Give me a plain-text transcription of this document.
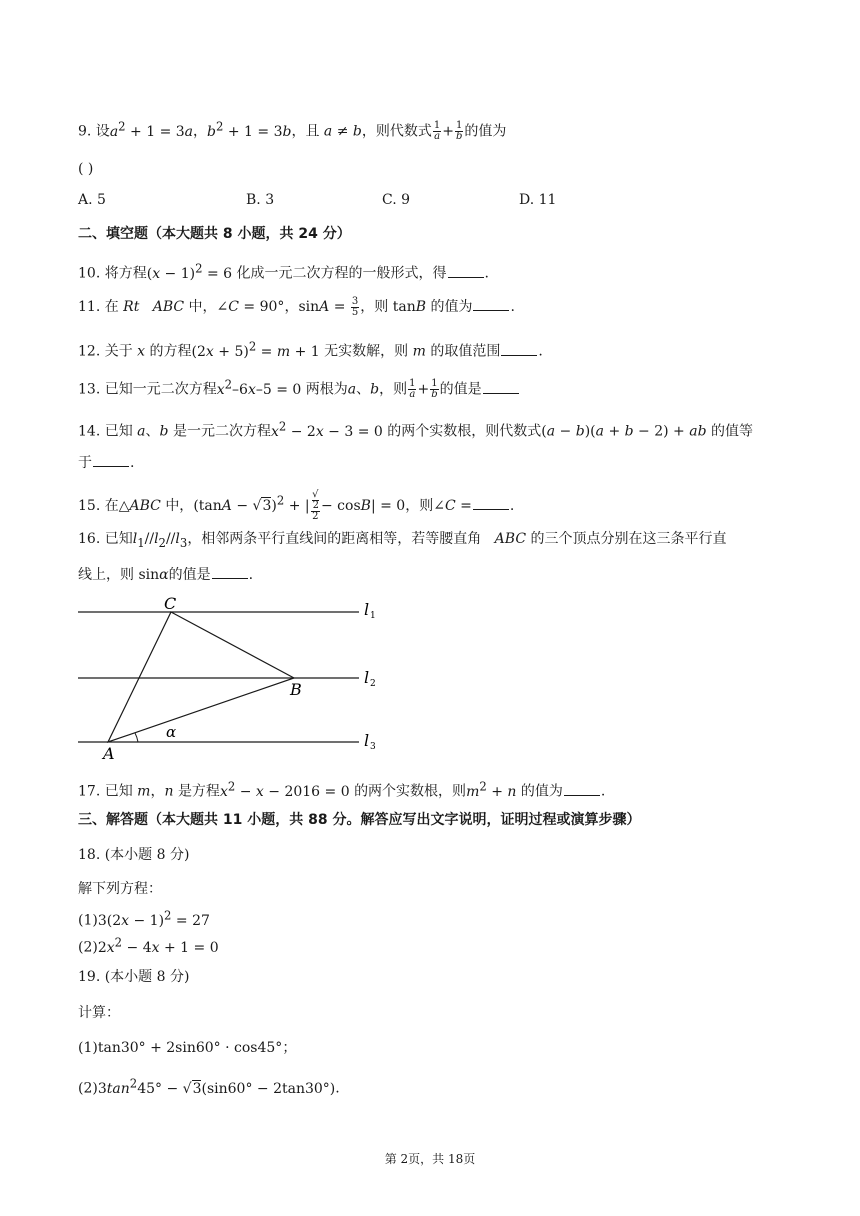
9. 设$a^2 + 1 = 3a$，$b^2 + 1 = 3b$，且 a ≠ b，则代数式 $\frac{1}{a} + \frac{1}{b}$ 的值为
( )
A. 5	B. 3	C. 9	D. 11
二、填空题（本大题共 8 小题，共 24 分）
10. 将方程$(x - 1)^2 = 6$ 化成一元二次方程的一般形式，得	.
11. 在 Rt ABC 中，∠C = 90°，$\sin A = \frac{3}{5}$ ，则 tanB 的值为	.
12. 关于 x 的方程$(2x + 5)^2 = m + 1$ 无实数解，则 m 的取值范围	.
13. 已知一元二次方程$x^2-6x-5 = 0$ 两根为a、b，则 $\frac{1}{a} + \frac{1}{b}$ 的值是
14. 已知 a、b 是一元二次方程$x^2 - 2x - 3 = 0$ 的两个实数根，则代数式(a − b)(a + b − 2) + ab 的值等
于	.
15. 在△ABC 中，$(\tan A - √3)^2$ + | √
2
2 − cosB| = 0，则∠C =	.
16. 已知$l_1//l_2//l_3$，相邻两条平行直线间的距离相等，若等腰直角 ABC 的三个顶点分别在这三条平行直
线上，则 sinα的值是	.
C
B
A
α
l 1
l 2
l 3
17. 已知 m，n 是方程$x^2 - x - 2016 = 0$ 的两个实数根，则$m^2 + n$ 的值为	.
三、解答题（本大题共 11 小题，共 88 分。解答应写出文字说明，证明过程或演算步骤）
18. (本小题 8 分)
解下列方程：
$(1)3(2x - 1)^2 = 27$
$(2)2x^2 - 4x + 1 = 0$
19. (本小题 8 分)
计算：
(1)tan30° + 2sin60° · cos45°；
$(2)3\tan^245^\circ - √3(\sin 60^\circ - 2\tan 30^\circ)$.
第 2页，共 18页
